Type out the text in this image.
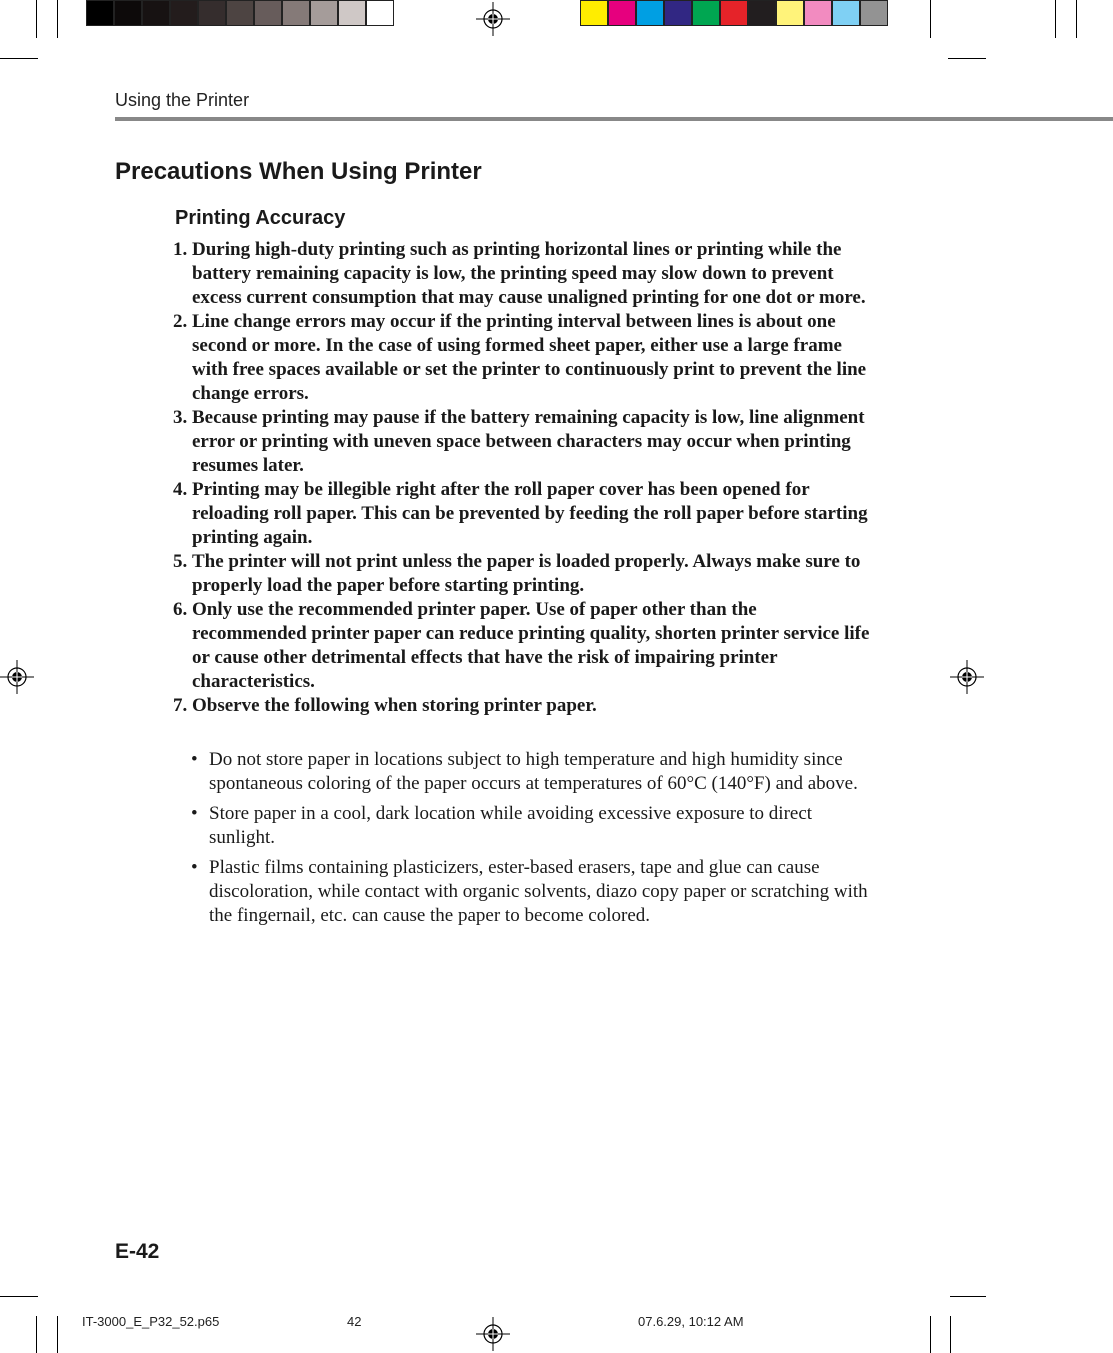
Using the Printer
Precautions When Using Printer
Printing Accuracy
1. During high-duty printing such as printing horizontal lines or printing while the battery remaining capacity is low, the printing speed may slow down to prevent excess current consumption that may cause unaligned printing for one dot or more.
2. Line change errors may occur if the printing interval between lines is about one second or more. In the case of using formed sheet paper, either use a large frame with free spaces available or set the printer to continuously print to prevent the line change errors.
3. Because printing may pause if the battery remaining capacity is low, line alignment error or printing with uneven space between characters may occur when printing resumes later.
4. Printing may be illegible right after the roll paper cover has been opened for reloading roll paper. This can be prevented by feeding the roll paper before starting printing again.
5. The printer will not print unless the paper is loaded properly. Always make sure to properly load the paper before starting printing.
6. Only use the recommended printer paper. Use of paper other than the recommended printer paper can reduce printing quality, shorten printer service life or cause other detrimental effects that have the risk of impairing printer characteristics.
7. Observe the following when storing printer paper.
• Do not store paper in locations subject to high temperature and high humidity since spontaneous coloring of the paper occurs at temperatures of 60°C (140°F) and above.
• Store paper in a cool, dark location while avoiding excessive exposure to direct sunlight.
• Plastic films containing plasticizers, ester-based erasers, tape and glue can cause discoloration, while contact with organic solvents, diazo copy paper or scratching with the fingernail, etc. can cause the paper to become colored.
E-42
IT-3000_E_P32_52.p65	42	07.6.29, 10:12 AM
